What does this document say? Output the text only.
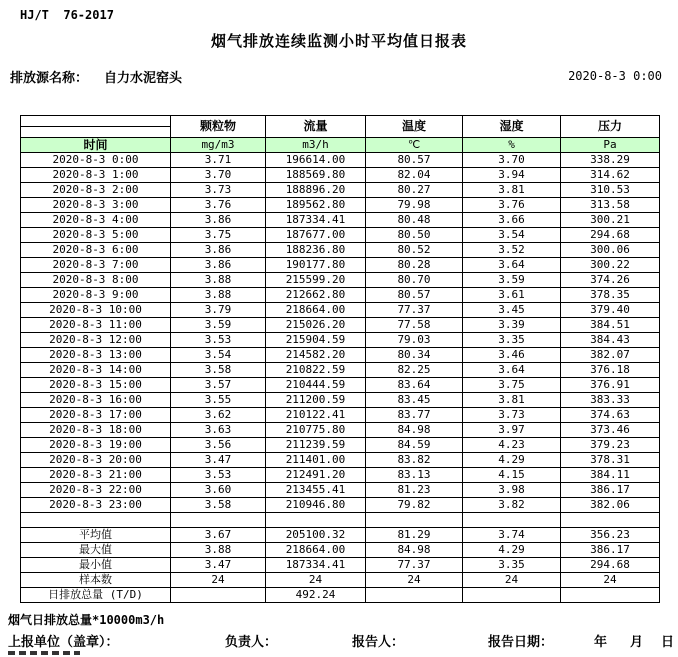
HJ/T  76-2017
烟气排放连续监测小时平均值日报表
排放源名称： 自力水泥窑头	2020-8-3 0:00
	颗粒物	流量	温度	湿度	压力
时间	mg/m3	m3/h	℃	%	Pa
2020-8-3 0:00	3.71	196614.00	80.57	3.70	338.29
2020-8-3 1:00	3.70	188569.80	82.04	3.94	314.62
2020-8-3 2:00	3.73	188896.20	80.27	3.81	310.53
2020-8-3 3:00	3.76	189562.80	79.98	3.76	313.58
2020-8-3 4:00	3.86	187334.41	80.48	3.66	300.21
2020-8-3 5:00	3.75	187677.00	80.50	3.54	294.68
2020-8-3 6:00	3.86	188236.80	80.52	3.52	300.06
2020-8-3 7:00	3.86	190177.80	80.28	3.64	300.22
2020-8-3 8:00	3.88	215599.20	80.70	3.59	374.26
2020-8-3 9:00	3.88	212662.80	80.57	3.61	378.35
2020-8-3 10:00	3.79	218664.00	77.37	3.45	379.40
2020-8-3 11:00	3.59	215026.20	77.58	3.39	384.51
2020-8-3 12:00	3.53	215904.59	79.03	3.35	384.43
2020-8-3 13:00	3.54	214582.20	80.34	3.46	382.07
2020-8-3 14:00	3.58	210822.59	82.25	3.64	376.18
2020-8-3 15:00	3.57	210444.59	83.64	3.75	376.91
2020-8-3 16:00	3.55	211200.59	83.45	3.81	383.33
2020-8-3 17:00	3.62	210122.41	83.77	3.73	374.63
2020-8-3 18:00	3.63	210775.80	84.98	3.97	373.46
2020-8-3 19:00	3.56	211239.59	84.59	4.23	379.23
2020-8-3 20:00	3.47	211401.00	83.82	4.29	378.31
2020-8-3 21:00	3.53	212491.20	83.13	4.15	384.11
2020-8-3 22:00	3.60	213455.41	81.23	3.98	386.17
2020-8-3 23:00	3.58	210946.80	79.82	3.82	382.06

平均值	3.67	205100.32	81.29	3.74	356.23
最大值	3.88	218664.00	84.98	4.29	386.17
最小值	3.47	187334.41	77.37	3.35	294.68
样本数	24	24	24	24	24
日排放总量 (T/D)		492.24			
烟气日排放总量*10000m3/h
上报单位（盖章）：	负责人：	报告人：	报告日期：	年 月 日
